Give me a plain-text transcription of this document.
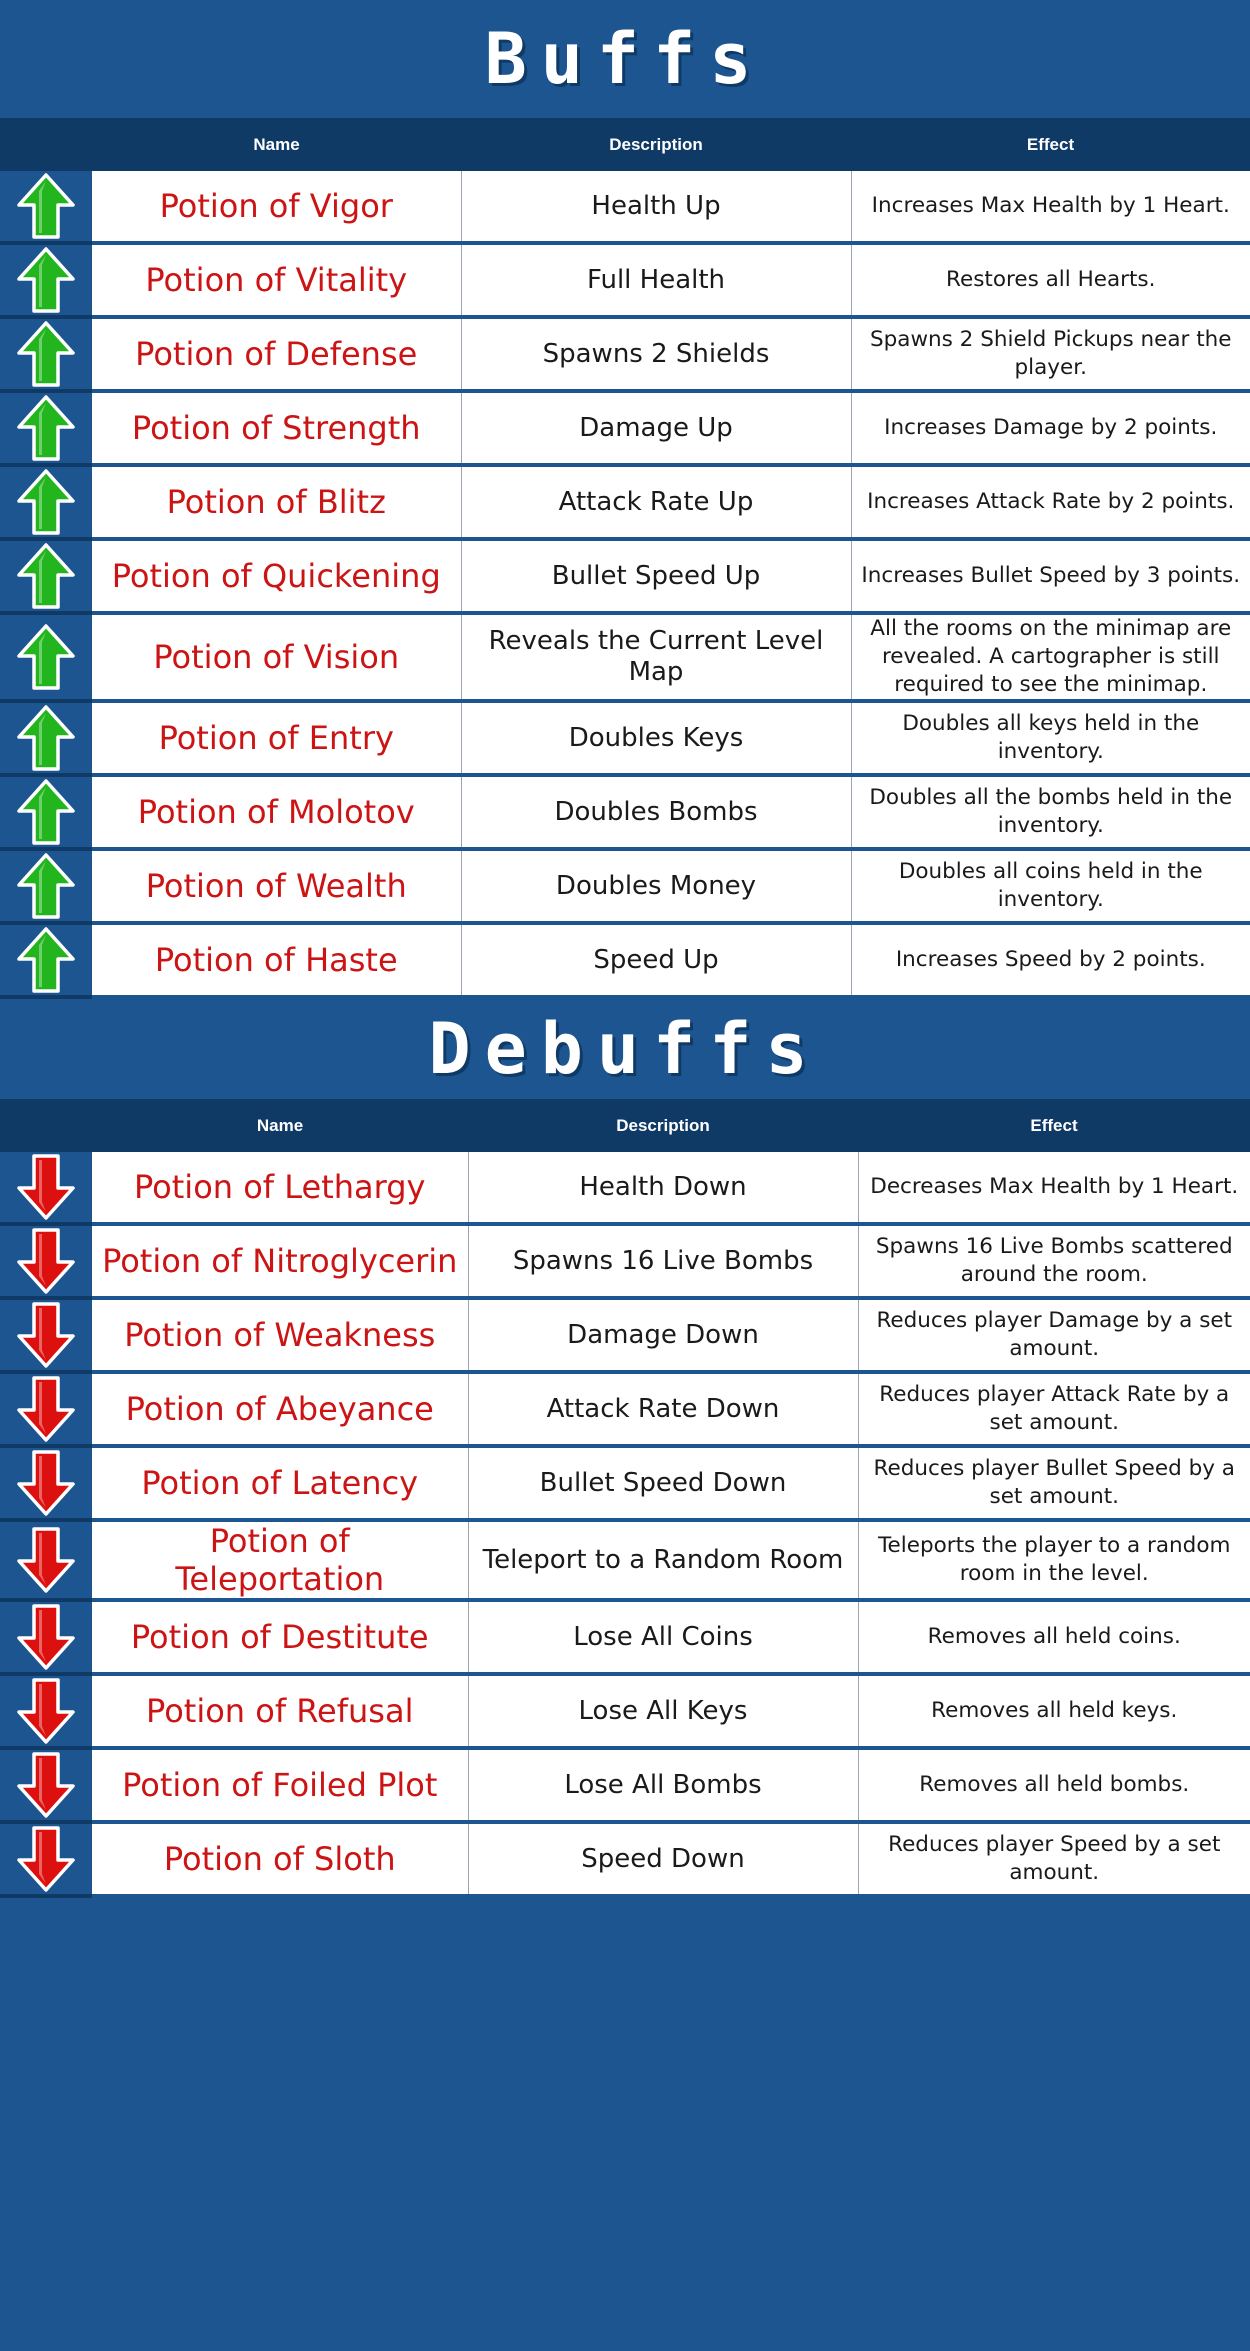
Buffs
	Name	Description	Effect

	Potion of Vigor	Health Up	Increases Max Health by 1 Heart.

	Potion of Vitality	Full Health	Restores all Hearts.

	Potion of Defense	Spawns 2 Shields	Spawns 2 Shield Pickups near the player.

	Potion of Strength	Damage Up	Increases Damage by 2 points.

	Potion of Blitz	Attack Rate Up	Increases Attack Rate by 2 points.

	Potion of Quickening	Bullet Speed Up	Increases Bullet Speed by 3 points.

	Potion of Vision	Reveals the Current Level Map	All the rooms on the minimap are revealed. A cartographer is still required to see the minimap.

	Potion of Entry	Doubles Keys	Doubles all keys held in the inventory.

	Potion of Molotov	Doubles Bombs	Doubles all the bombs held in the inventory.

	Potion of Wealth	Doubles Money	Doubles all coins held in the inventory.

	Potion of Haste	Speed Up	Increases Speed by 2 points.
Debuffs
	Name	Description	Effect

	Potion of Lethargy	Health Down	Decreases Max Health by 1 Heart.

	Potion of Nitroglycerin	Spawns 16 Live Bombs	Spawns 16 Live Bombs scattered around the room.

	Potion of Weakness	Damage Down	Reduces player Damage by a set amount.

	Potion of Abeyance	Attack Rate Down	Reduces player Attack Rate by a set amount.

	Potion of Latency	Bullet Speed Down	Reduces player Bullet Speed by a set amount.

	Potion of Teleportation	Teleport to a Random Room	Teleports the player to a random room in the level.

	Potion of Destitute	Lose All Coins	Removes all held coins.

	Potion of Refusal	Lose All Keys	Removes all held keys.

	Potion of Foiled Plot	Lose All Bombs	Removes all held bombs.

	Potion of Sloth	Speed Down	Reduces player Speed by a set amount.
